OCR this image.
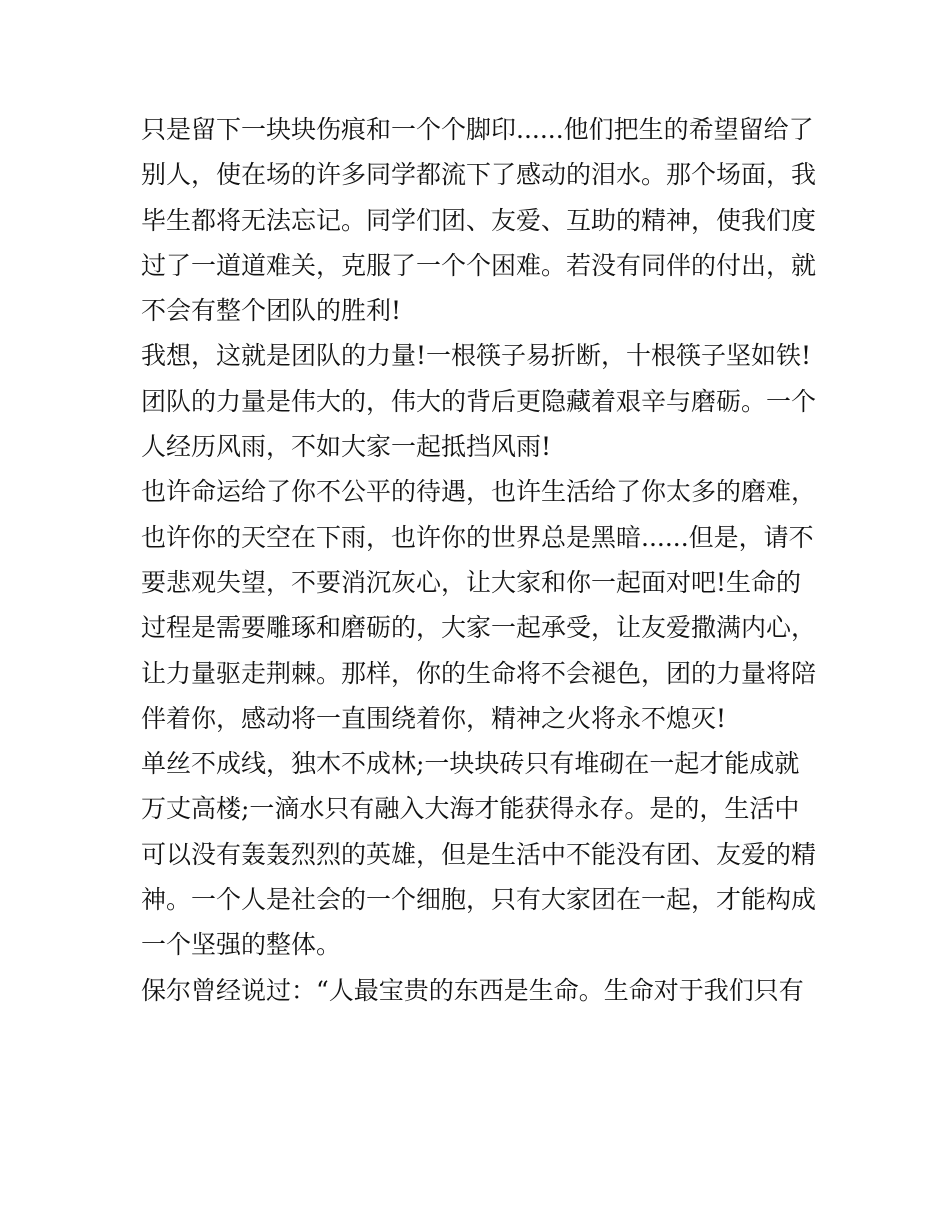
只是留下一块块伤痕和一个个脚印......他们把生的希望留给了
别人，使在场的许多同学都流下了感动的泪水。那个场面，我
毕生都将无法忘记。同学们团、友爱、互助的精神，使我们度
过了一道道难关，克服了一个个困难。若没有同伴的付出，就
不会有整个团队的胜利!
我想，这就是团队的力量!一根筷子易折断，十根筷子坚如铁!
团队的力量是伟大的，伟大的背后更隐藏着艰辛与磨砺。一个
人经历风雨，不如大家一起抵挡风雨!
也许命运给了你不公平的待遇，也许生活给了你太多的磨难，
也许你的天空在下雨，也许你的世界总是黑暗......但是，请不
要悲观失望，不要消沉灰心，让大家和你一起面对吧!生命的
过程是需要雕琢和磨砺的，大家一起承受，让友爱撒满内心，
让力量驱走荆棘。那样，你的生命将不会褪色，团的力量将陪
伴着你，感动将一直围绕着你，精神之火将永不熄灭!
单丝不成线，独木不成林;一块块砖只有堆砌在一起才能成就
万丈高楼;一滴水只有融入大海才能获得永存。是的，生活中
可以没有轰轰烈烈的英雄，但是生活中不能没有团、友爱的精
神。一个人是社会的一个细胞，只有大家团在一起，才能构成
一个坚强的整体。
保尔曾经说过：“人最宝贵的东西是生命。生命对于我们只有
